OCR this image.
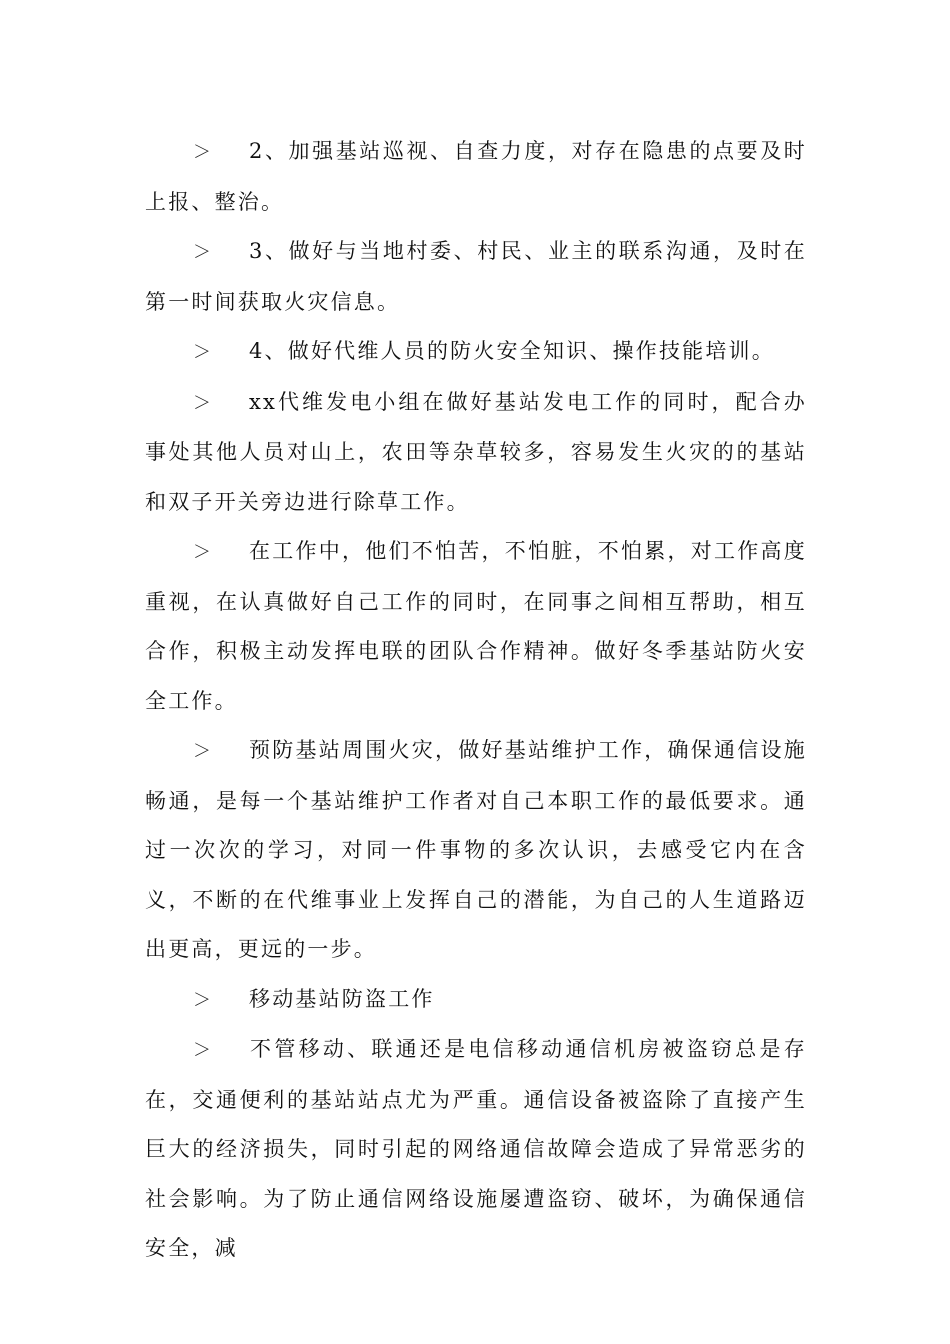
＞ 2、加强基站巡视、自查力度，对存在隐患的点要及时上报、整治。

＞ 3、做好与当地村委、村民、业主的联系沟通，及时在第一时间获取火灾信息。

＞ 4、做好代维人员的防火安全知识、操作技能培训。

＞ xx代维发电小组在做好基站发电工作的同时，配合办事处其他人员对山上，农田等杂草较多，容易发生火灾的的基站和双子开关旁边进行除草工作。

＞ 在工作中，他们不怕苦，不怕脏，不怕累，对工作高度重视，在认真做好自己工作的同时，在同事之间相互帮助，相互合作，积极主动发挥电联的团队合作精神。做好冬季基站防火安全工作。

＞ 预防基站周围火灾，做好基站维护工作，确保通信设施畅通，是每一个基站维护工作者对自己本职工作的最低要求。通过一次次的学习，对同一件事物的多次认识，去感受它内在含义，不断的在代维事业上发挥自己的潜能，为自己的人生道路迈出更高，更远的一步。

＞ 移动基站防盗工作

＞ 不管移动、联通还是电信移动通信机房被盗窃总是存在，交通便利的基站站点尤为严重。通信设备被盗除了直接产生巨大的经济损失，同时引起的网络通信故障会造成了异常恶劣的社会影响。为了防止通信网络设施屡遭盗窃、破坏，为确保通信安全，减
